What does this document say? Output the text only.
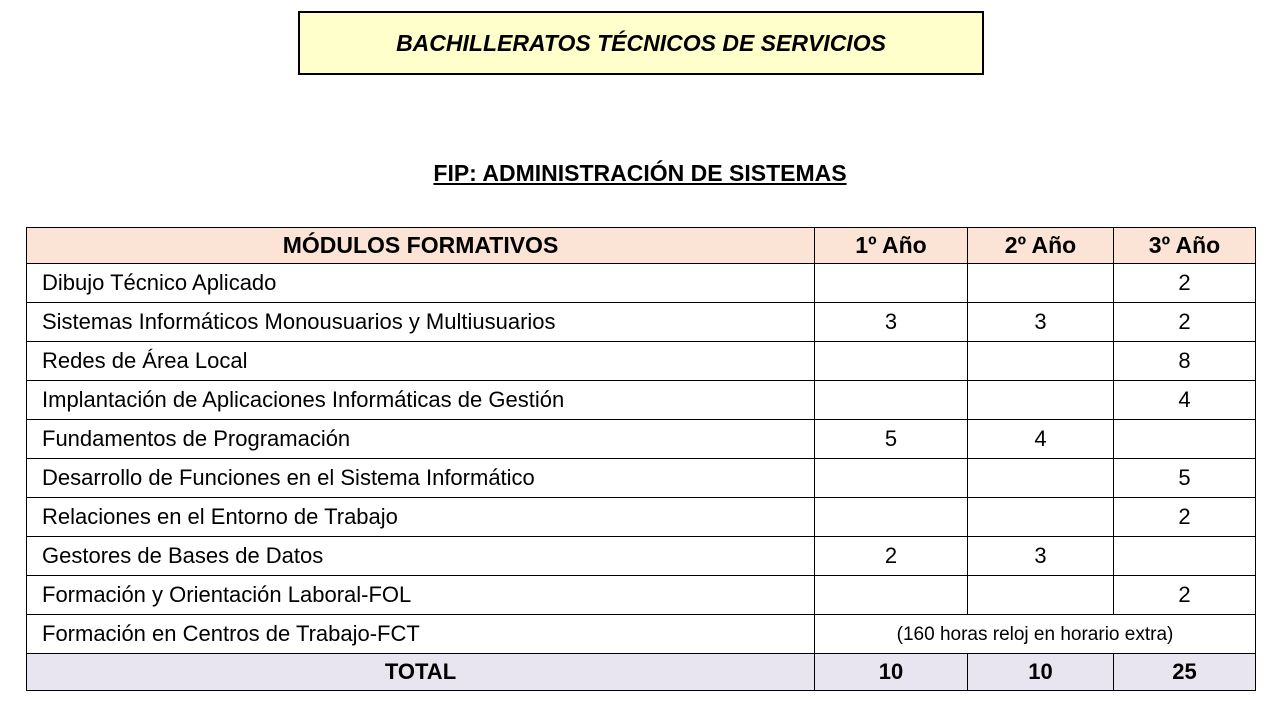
BACHILLERATOS TÉCNICOS DE SERVICIOS
FIP: ADMINISTRACIÓN DE SISTEMAS
MÓDULOS FORMATIVOS	1º Año	2º Año	3º Año
Dibujo Técnico Aplicado			2
Sistemas Informáticos Monousuarios y Multiusuarios	3	3	2
Redes de Área Local			8
Implantación de Aplicaciones Informáticas de Gestión			4
Fundamentos de Programación	5	4	
Desarrollo de Funciones en el Sistema Informático			5
Relaciones en el Entorno de Trabajo			2
Gestores de Bases de Datos	2	3	
Formación y Orientación Laboral-FOL			2
Formación en Centros de Trabajo-FCT	(160 horas reloj en horario extra)		
TOTAL	10	10	25
